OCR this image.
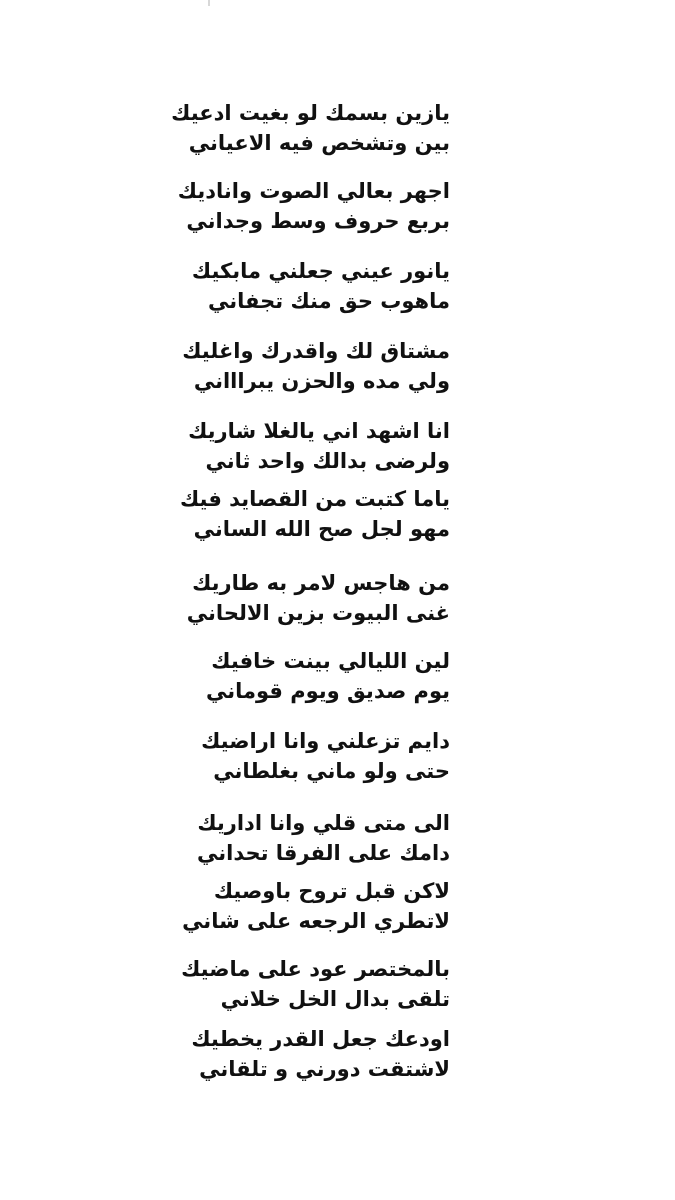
يازين بسمك لو بغيت ادعيك
بين وتشخص فيه الاعياني
اجهر بعالي الصوت واناديك
بربع حروف وسط وجداني
يانور عيني جعلني مابكيك
ماهوب حق منك تجفاني
مشتاق لك واقدرك واغليك
ولي مده والحزن يبراااني
انا اشهد اني يالغلا شاريك
ولرضى بدالك واحد ثاني
ياما كتبت من القصايد فيك
مهو لجل صح الله الساني
من هاجس لامر به طاريك
غنى البيوت بزين الالحاني
لين الليالي بينت خافيك
يوم صديق ويوم قوماني
دايم تزعلني وانا اراضيك
حتى ولو ماني بغلطاني
الى متى قلي وانا اداريك
دامك على الفرقا تحداني
لاكن قبل تروح باوصيك
لاتطري الرجعه على شاني
بالمختصر عود على ماضيك
تلقى بدال الخل خلاني
اودعك جعل القدر يخطيك
لاشتقت دورني و تلقاني
